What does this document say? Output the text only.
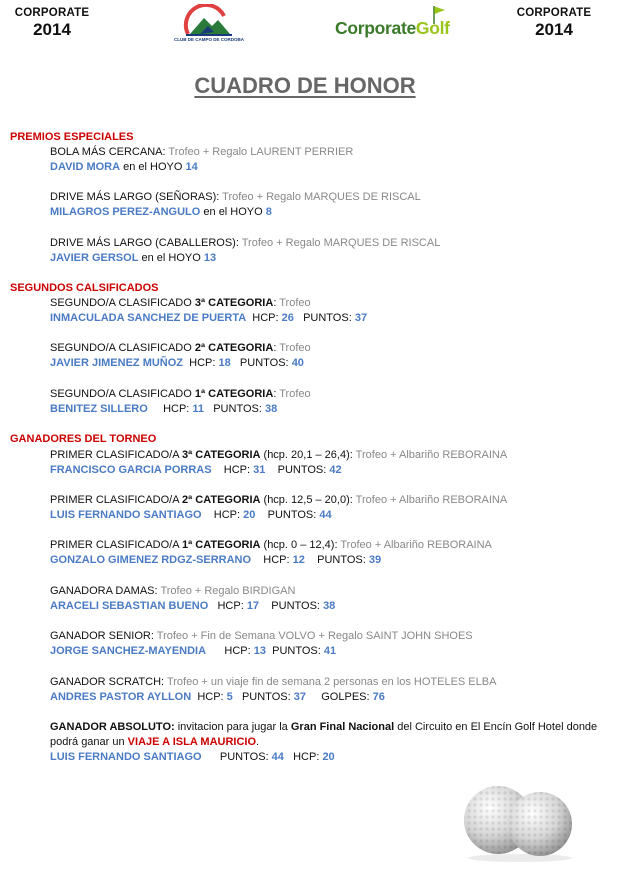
CORPORATE
2014
CLUB DE CAMPO DE CORDOBA
CorporateGolf
CORPORATE
2014
CUADRO DE HONOR
PREMIOS ESPECIALES
BOLA MÁS CERCANA: Trofeo + Regalo LAURENT PERRIER
DAVID MORA en el HOYO 14
DRIVE MÁS LARGO (SEÑORAS): Trofeo + Regalo MARQUES DE RISCAL
MILAGROS PEREZ-ANGULO en el HOYO 8
DRIVE MÁS LARGO (CABALLEROS): Trofeo + Regalo MARQUES DE RISCAL
JAVIER GERSOL en el HOYO 13
SEGUNDOS CALSIFICADOS
SEGUNDO/A CLASIFICADO 3ª CATEGORIA: Trofeo
INMACULADA SANCHEZ DE PUERTA HCP: 26 PUNTOS: 37
SEGUNDO/A CLASIFICADO 2ª CATEGORIA: Trofeo
JAVIER JIMENEZ MUÑOZ HCP: 18 PUNTOS: 40
SEGUNDO/A CLASIFICADO 1ª CATEGORIA: Trofeo
BENITEZ SILLERO HCP: 11 PUNTOS: 38
GANADORES DEL TORNEO
PRIMER CLASIFICADO/A 3ª CATEGORIA (hcp. 20,1 – 26,4): Trofeo + Albariño REBORAINA
FRANCISCO GARCIA PORRAS HCP: 31 PUNTOS: 42
PRIMER CLASIFICADO/A 2ª CATEGORIA (hcp. 12,5 – 20,0): Trofeo + Albariño REBORAINA
LUIS FERNANDO SANTIAGO HCP: 20 PUNTOS: 44
PRIMER CLASIFICADO/A 1ª CATEGORIA (hcp. 0 – 12,4): Trofeo + Albariño REBORAINA
GONZALO GIMENEZ RDGZ-SERRANO HCP: 12 PUNTOS: 39
GANADORA DAMAS: Trofeo + Regalo BIRDIGAN
ARACELI SEBASTIAN BUENO HCP: 17 PUNTOS: 38
GANADOR SENIOR: Trofeo + Fin de Semana VOLVO + Regalo SAINT JOHN SHOES
JORGE SANCHEZ-MAYENDIA HCP: 13 PUNTOS: 41
GANADOR SCRATCH: Trofeo + un viaje fin de semana 2 personas en los HOTELES ELBA
ANDRES PASTOR AYLLON HCP: 5 PUNTOS: 37 GOLPES: 76
GANADOR ABSOLUTO: invitacion para jugar la Gran Final Nacional del Circuito en El Encín Golf Hotel donde
podrá ganar un VIAJE A ISLA MAURICIO.
LUIS FERNANDO SANTIAGO PUNTOS: 44 HCP: 20
